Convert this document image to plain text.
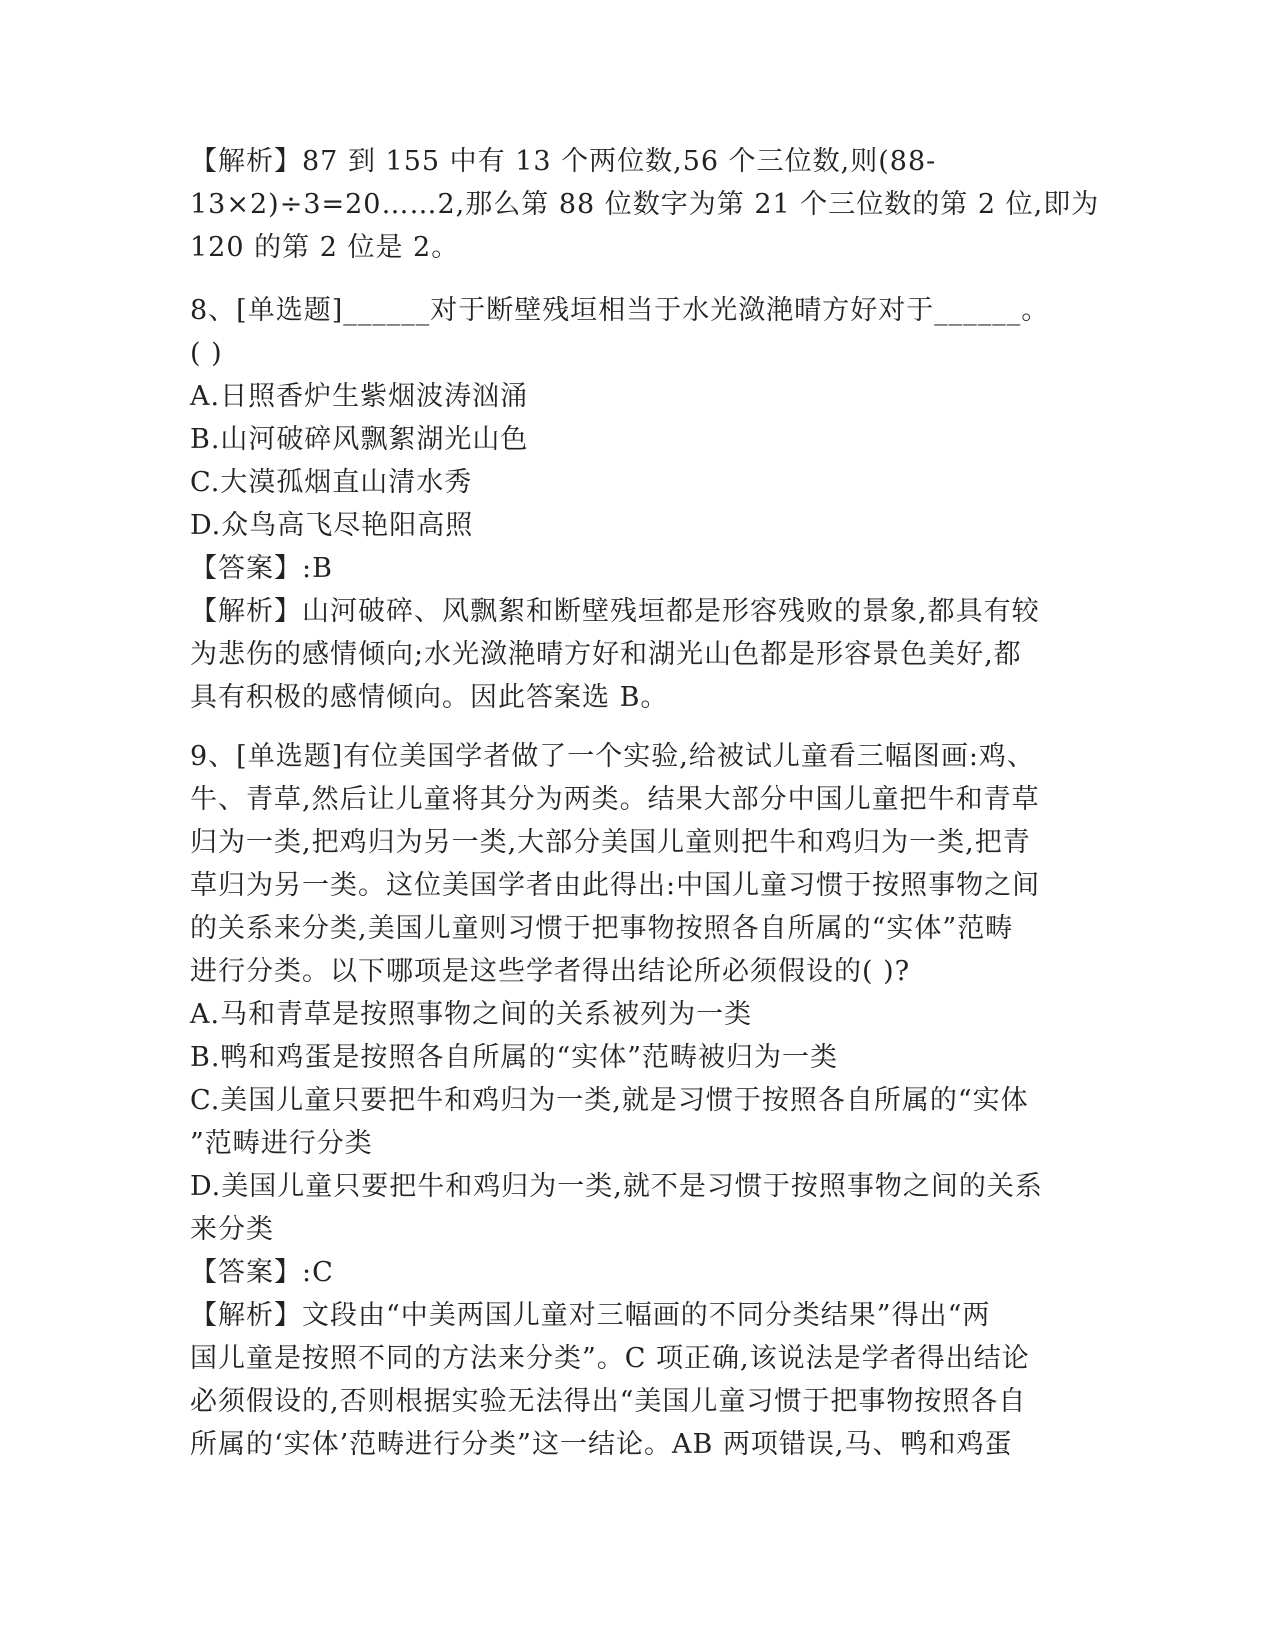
【解析】87 到 155 中有 13 个两位数,56 个三位数,则(88-
13×2)÷3=20……2,那么第 88 位数字为第 21 个三位数的第 2 位,即为
120 的第 2 位是 2。
8、[单选题]______对于断壁残垣相当于水光潋滟晴方好对于______。
( )
A.日照香炉生紫烟波涛汹涌
B.山河破碎风飘絮湖光山色
C.大漠孤烟直山清水秀
D.众鸟高飞尽艳阳高照
【答案】:B
【解析】山河破碎、风飘絮和断壁残垣都是形容残败的景象,都具有较
为悲伤的感情倾向;水光潋滟晴方好和湖光山色都是形容景色美好,都
具有积极的感情倾向。因此答案选 B。
9、[单选题]有位美国学者做了一个实验,给被试儿童看三幅图画:鸡、
牛、青草,然后让儿童将其分为两类。结果大部分中国儿童把牛和青草
归为一类,把鸡归为另一类,大部分美国儿童则把牛和鸡归为一类,把青
草归为另一类。这位美国学者由此得出:中国儿童习惯于按照事物之间
的关系来分类,美国儿童则习惯于把事物按照各自所属的“实体”范畴
进行分类。以下哪项是这些学者得出结论所必须假设的( )?
A.马和青草是按照事物之间的关系被列为一类
B.鸭和鸡蛋是按照各自所属的“实体”范畴被归为一类
C.美国儿童只要把牛和鸡归为一类,就是习惯于按照各自所属的“实体
”范畴进行分类
D.美国儿童只要把牛和鸡归为一类,就不是习惯于按照事物之间的关系
来分类
【答案】:C
【解析】文段由“中美两国儿童对三幅画的不同分类结果”得出“两
国儿童是按照不同的方法来分类”。C 项正确,该说法是学者得出结论
必须假设的,否则根据实验无法得出“美国儿童习惯于把事物按照各自
所属的‘实体’范畴进行分类”这一结论。AB 两项错误,马、鸭和鸡蛋
